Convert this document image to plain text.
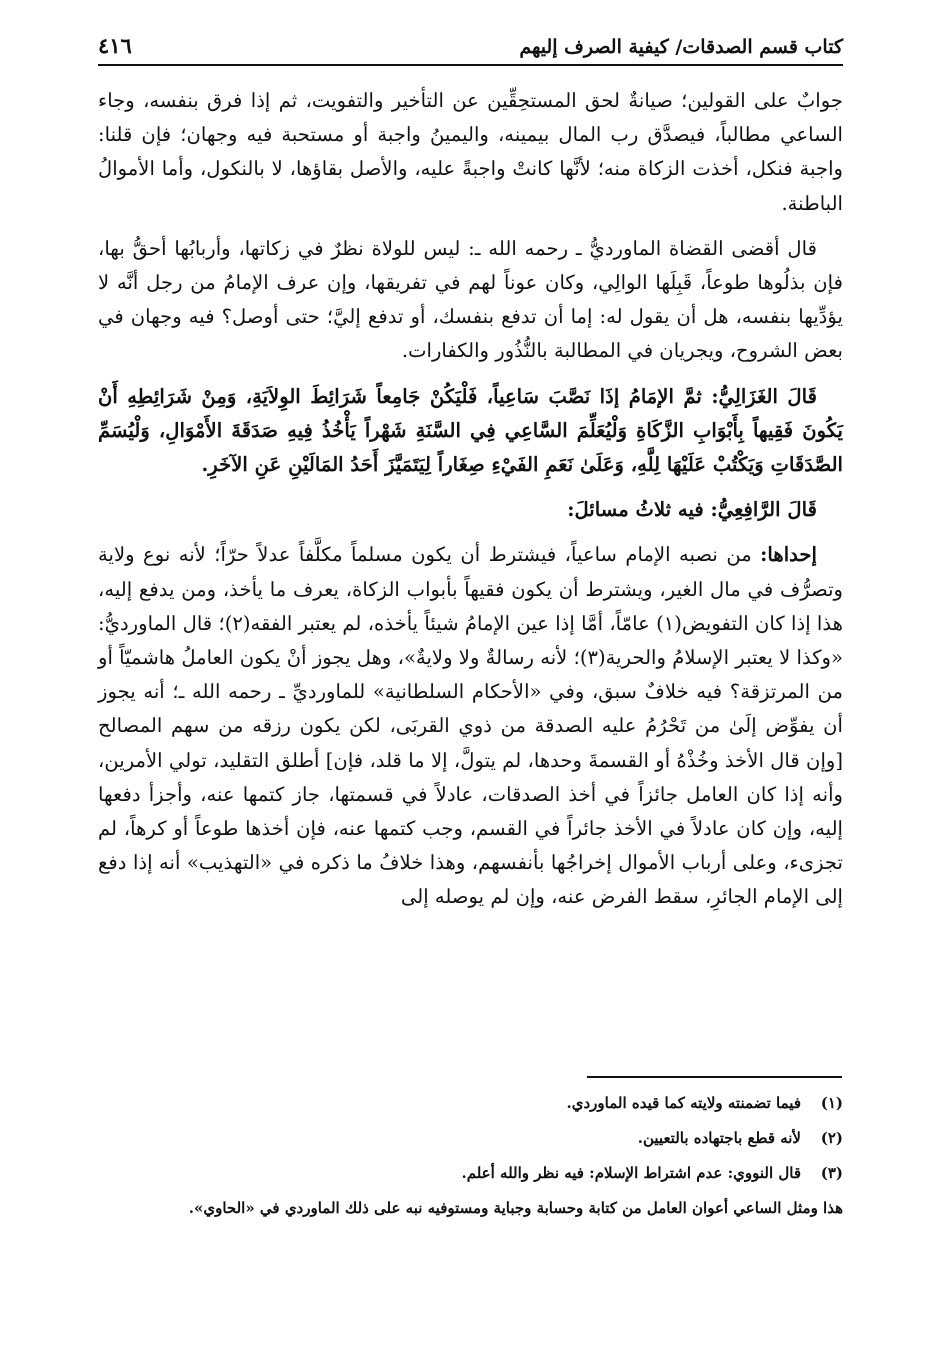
كتاب قسم الصدقات/ كيفية الصرف إليهم
٤١٦

جوابٌ على القولين؛ صيانةٌ لحق المستحِقِّين عن التأخير والتفويت، ثم إذا فرق بنفسه، وجاء الساعي مطالباً، فيصدَّق رب المال بيمينه، واليمينُ واجبة أو مستحبة فيه وجهان؛ فإن قلنا: واجبة فنكل، أخذت الزكاة منه؛ لأنَّها كانتْ واجبةً عليه، والأصل بقاؤها، لا بالنكول، وأما الأموالُ الباطنة.

قال أقضى القضاة الماورديُّ ـ رحمه الله ـ: ليس للولاة نظرٌ في زكاتها، وأربابُها أحقُّ بها، فإن بذلُوها طوعاً، قَبِلَها الوالِي، وكان عوناً لهم في تفريقها، وإن عرف الإمامُ من رجل أنَّه لا يؤدِّيها بنفسه، هل أن يقول له: إما أن تدفع بنفسك، أو تدفع إليَّ؛ حتى أوصل؟ فيه وجهان في بعض الشروح، ويجريان في المطالبة بالنُّذُور والكفارات.

قَالَ الغَزَالِيُّ: ثمَّ الإمَامُ إذَا نَصَّبَ سَاعِياً، فَلْيَكُنْ جَامِعاً شَرَائِطَ الوِلاَيَةِ، وَمِنْ شَرَائِطِهِ أَنْ يَكُونَ فَقِيهاً بِأَبْوَابِ الزَّكَاةِ وَلْيُعَلِّمَ السَّاعِي فِي السَّنَةِ شَهْراً يَأْخُذُ فِيهِ صَدَقَةَ الأَمْوَالِ، وَلْيُسَمِّ الصَّدَقَاتِ وَيَكْتُبْ عَلَيْهَا لِلَّهِ، وَعَلَىٰ نَعَمِ الفَيْءِ صِغَاراً لِيَتَمَيَّزَ أَحَدُ المَالَيْنِ عَنِ الآخَرِ.

قَالَ الرَّافِعِيُّ: فيه ثلاثُ مسائلَ:

إحداها: من نصبه الإمام ساعياً، فيشترط أن يكون مسلماً مكلَّفاً عدلاً حرّاً؛ لأنه نوع ولاية وتصرُّف في مال الغير، ويشترط أن يكون فقيهاً بأبواب الزكاة، يعرف ما يأخذ، ومن يدفع إليه، هذا إذا كان التفويض(١) عامّاً، أمَّا إذا عين الإمامُ شيئاً يأخذه، لم يعتبر الفقه(٢)؛ قال الماورديُّ: «وكذا لا يعتبر الإسلامُ والحرية(٣)؛ لأنه رسالةٌ ولا ولايةٌ»، وهل يجوز أنْ يكون العاملُ هاشميّاً أو من المرتزقة؟ فيه خلافٌ سبق، وفي «الأحكام السلطانية» للماورديِّ ـ رحمه الله ـ؛ أنه يجوز أن يفوِّض إلَىٰ من تَحْرُمُ عليه الصدقة من ذوي القربَى، لكن يكون رزقه من سهم المصالح [وإن قال الأخذ وخُذْهُ أو القسمةَ وحدها، لم يتولَّ، إلا ما قلد، فإن] أطلق التقليد، تولي الأمرين، وأنه إذا كان العامل جائزاً في أخذ الصدقات، عادلاً في قسمتها، جاز كتمها عنه، وأجزأ دفعها إليه، وإن كان عادلاً في الأخذ جائراً في القسم، وجب كتمها عنه، فإن أخذها طوعاً أو كرهاً، لم تجزىء، وعلى أرباب الأموال إخراجُها بأنفسهم، وهذا خلافُ ما ذكره في «التهذيب» أنه إذا دفع إلى الإمام الجائرِ، سقط الفرض عنه، وإن لم يوصله إلى

(١)
فيما تضمنته ولايته كما قيده الماوردي.
(٢)
لأنه قطع باجتهاده بالتعيين.
(٣)
قال النووي: عدم اشتراط الإسلام: فيه نظر والله أعلم.
هذا ومثل الساعي أعوان العامل من كتابة وحسابة وجباية ومستوفيه نبه على ذلك الماوردي في «الحاوي».
